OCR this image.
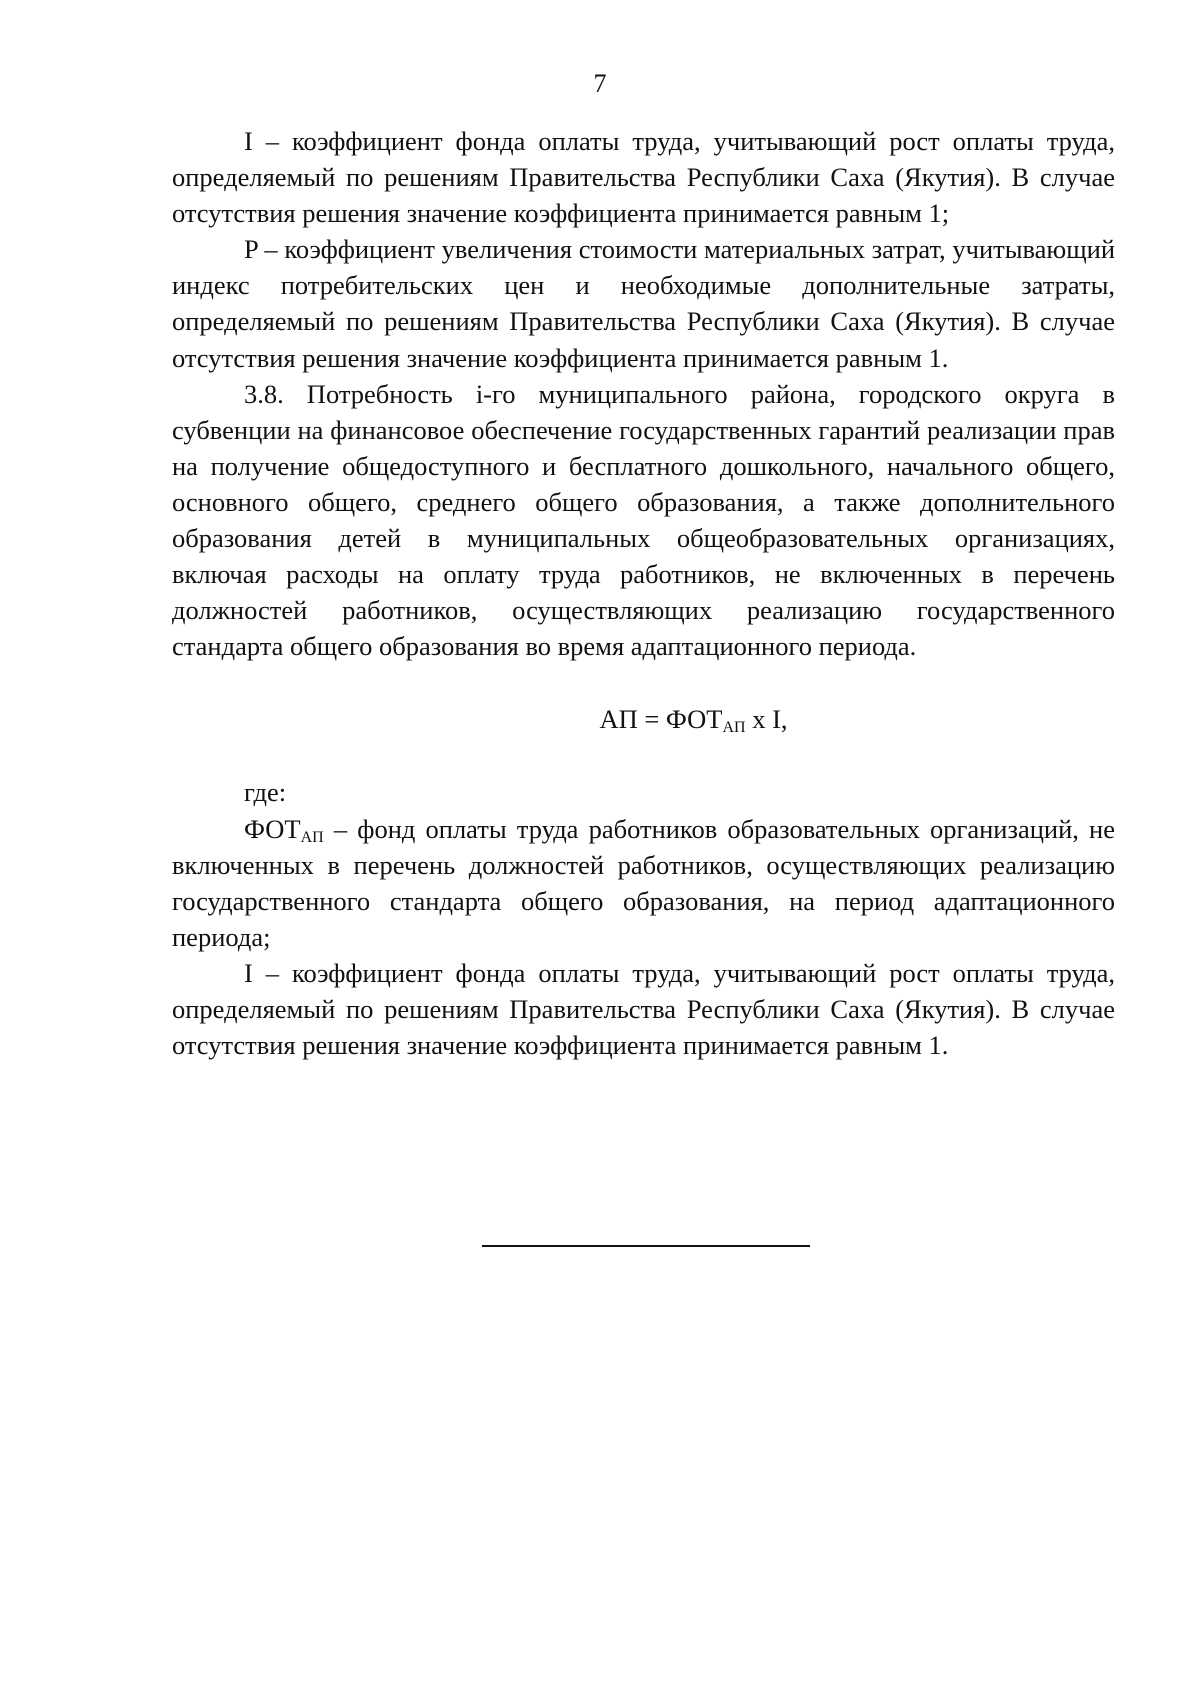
7

I – коэффициент фонда оплаты труда, учитывающий рост оплаты труда, определяемый по решениям Правительства Республики Саха (Якутия). В случае отсутствия решения значение коэффициента принимается равным 1;

P – коэффициент увеличения стоимости материальных затрат, учитывающий индекс потребительских цен и необходимые дополнительные затраты, определяемый по решениям Правительства Республики Саха (Якутия). В случае отсутствия решения значение коэффициента принимается равным 1.

3.8. Потребность i-го муниципального района, городского округа в субвенции на финансовое обеспечение государственных гарантий реализации прав на получение общедоступного и бесплатного дошкольного, начального общего, основного общего, среднего общего образования, а также дополнительного образования детей в муниципальных общеобразовательных организациях, включая расходы на оплату труда работников, не включенных в перечень должностей работников, осуществляющих реализацию государственного стандарта общего образования во время адаптационного периода.

АП = $ФОТ_{АП}$ x I,

где:

$ФОТ_{АП}$ – фонд оплаты труда работников образовательных организаций, не включенных в перечень должностей работников, осуществляющих реализацию государственного стандарта общего образования, на период адаптационного периода;

I – коэффициент фонда оплаты труда, учитывающий рост оплаты труда, определяемый по решениям Правительства Республики Саха (Якутия). В случае отсутствия решения значение коэффициента принимается равным 1.
